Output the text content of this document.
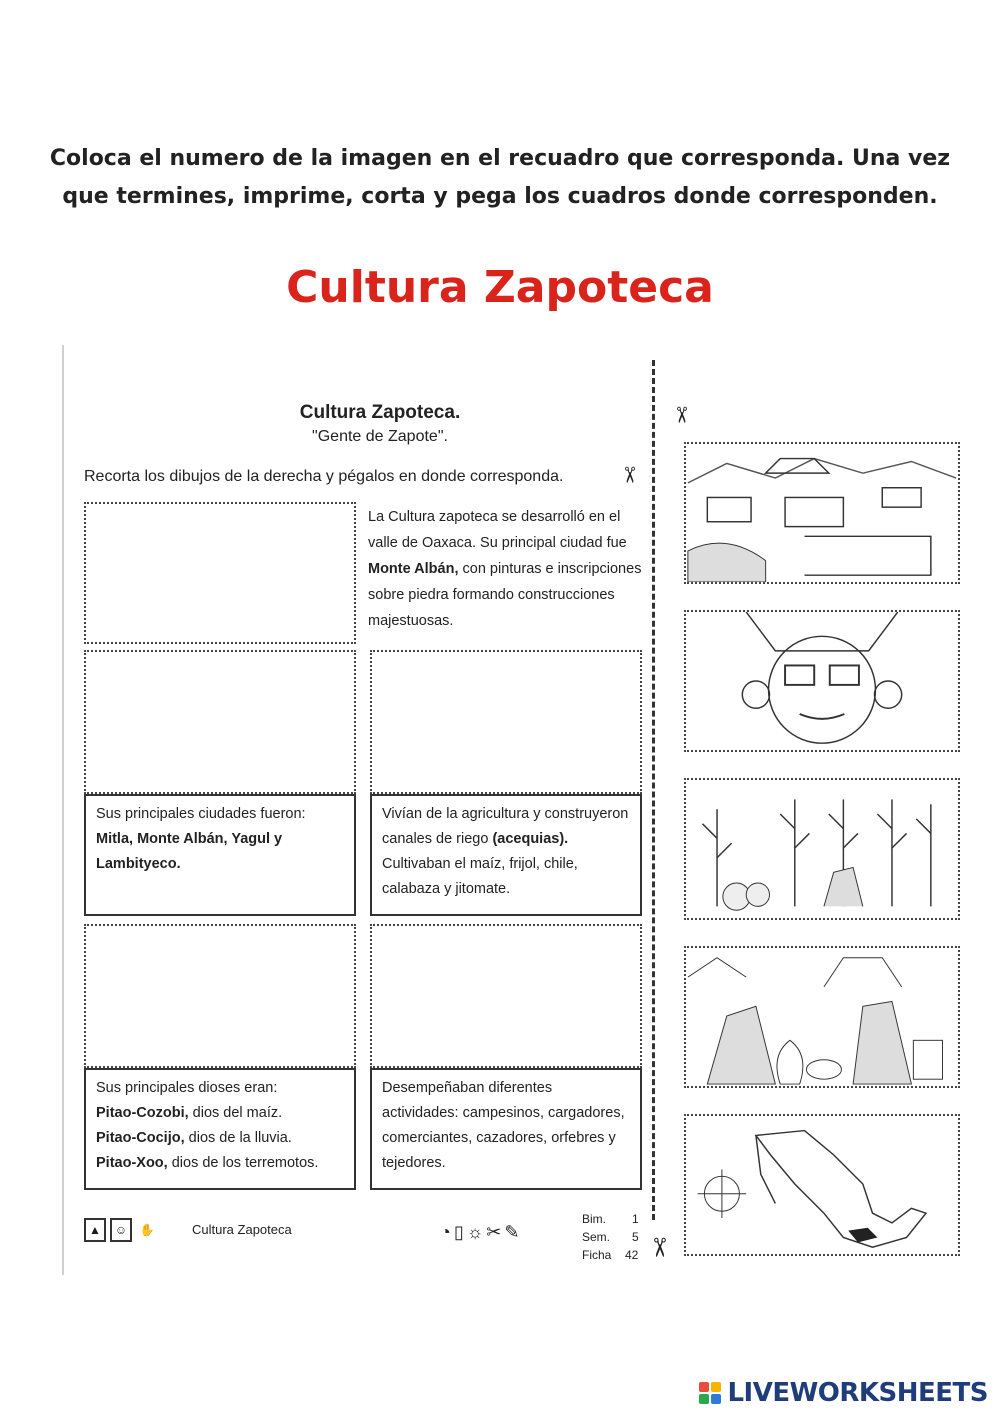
Coloca el numero de la imagen en el recuadro que corresponda. Una vez que termines, imprime, corta y pega los cuadros donde corresponden.
Cultura Zapoteca
Cultura Zapoteca.
"Gente de Zapote".
Recorta los dibujos de la derecha y pégalos en donde corresponda. ✂
✂
La Cultura zapoteca se desarrolló en el valle de Oaxaca. Su principal ciudad fue Monte Albán, con pinturas e inscripciones sobre piedra formando construcciones majestuosas.
Sus principales ciudades fueron: Mitla, Monte Albán, Yagul y Lambityeco.
Vivían de la agricultura y construyeron canales de riego (acequias). Cultivaban el maíz, frijol, chile, calabaza y jitomate.
Sus principales dioses eran:
Pitao-Cozobi, dios del maíz.
Pitao-Cocijo, dios de la lluvia.
Pitao-Xoo, dios de los terremotos.
Desempeñaban diferentes actividades: campesinos, cargadores, comerciantes, cazadores, orfebres y tejedores.
▲	☺	✋	Cultura Zapoteca	◔▯☼✂✎
Bim. 1
Sem. 5
Ficha 42 ✂
LIVEWORKSHEETS
